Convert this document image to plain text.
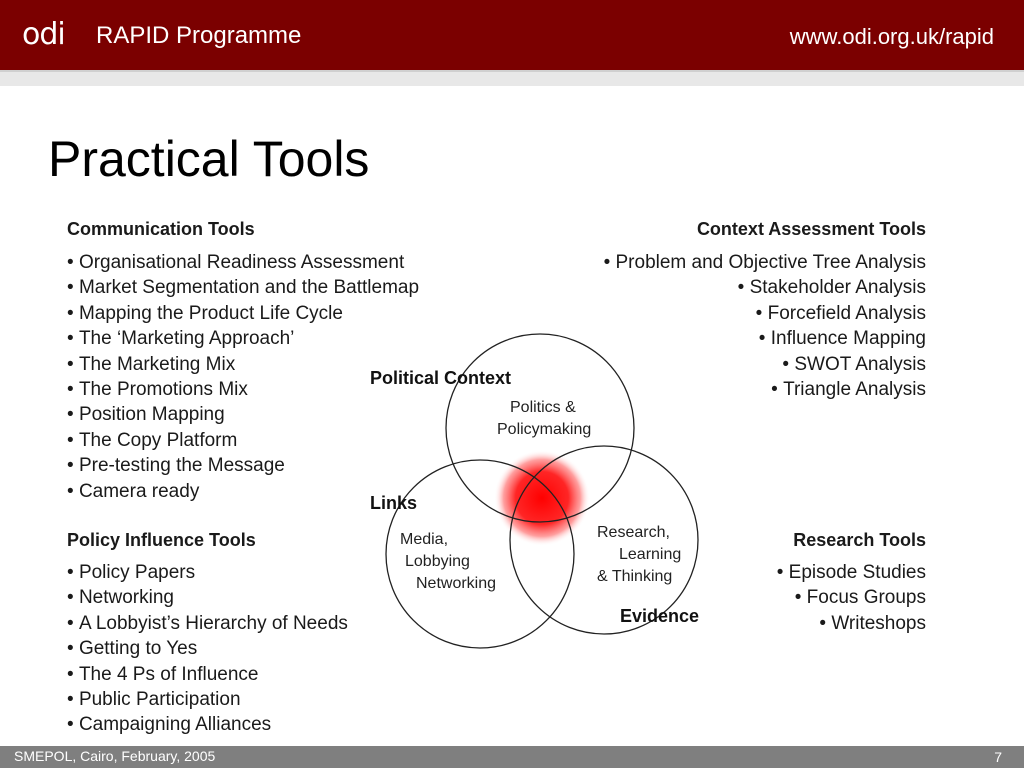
odi RAPID Programme	www.odi.org.uk/rapid
Practical Tools
Communication Tools
• Organisational Readiness Assessment
• Market Segmentation and the Battlemap
• Mapping the Product Life Cycle
• The ‘Marketing Approach’
• The Marketing Mix
• The Promotions Mix
• Position Mapping
• The Copy Platform
• Pre-testing the Message
• Camera ready
Context Assessment Tools
• Problem and Objective Tree Analysis
• Stakeholder Analysis
• Forcefield Analysis
• Influence Mapping
• SWOT Analysis
• Triangle Analysis
Policy Influence Tools
• Policy Papers
• Networking
• A Lobbyist’s Hierarchy of Needs
• Getting to Yes
• The 4 Ps of Influence
• Public Participation
• Campaigning Alliances
Research Tools
• Episode Studies
• Focus Groups
• Writeshops
Political Context
Politics &
Policymaking
Links
Media,
Lobbying
Networking
Research,
Learning
& Thinking
Evidence
SMEPOL, Cairo, February, 2005	7
